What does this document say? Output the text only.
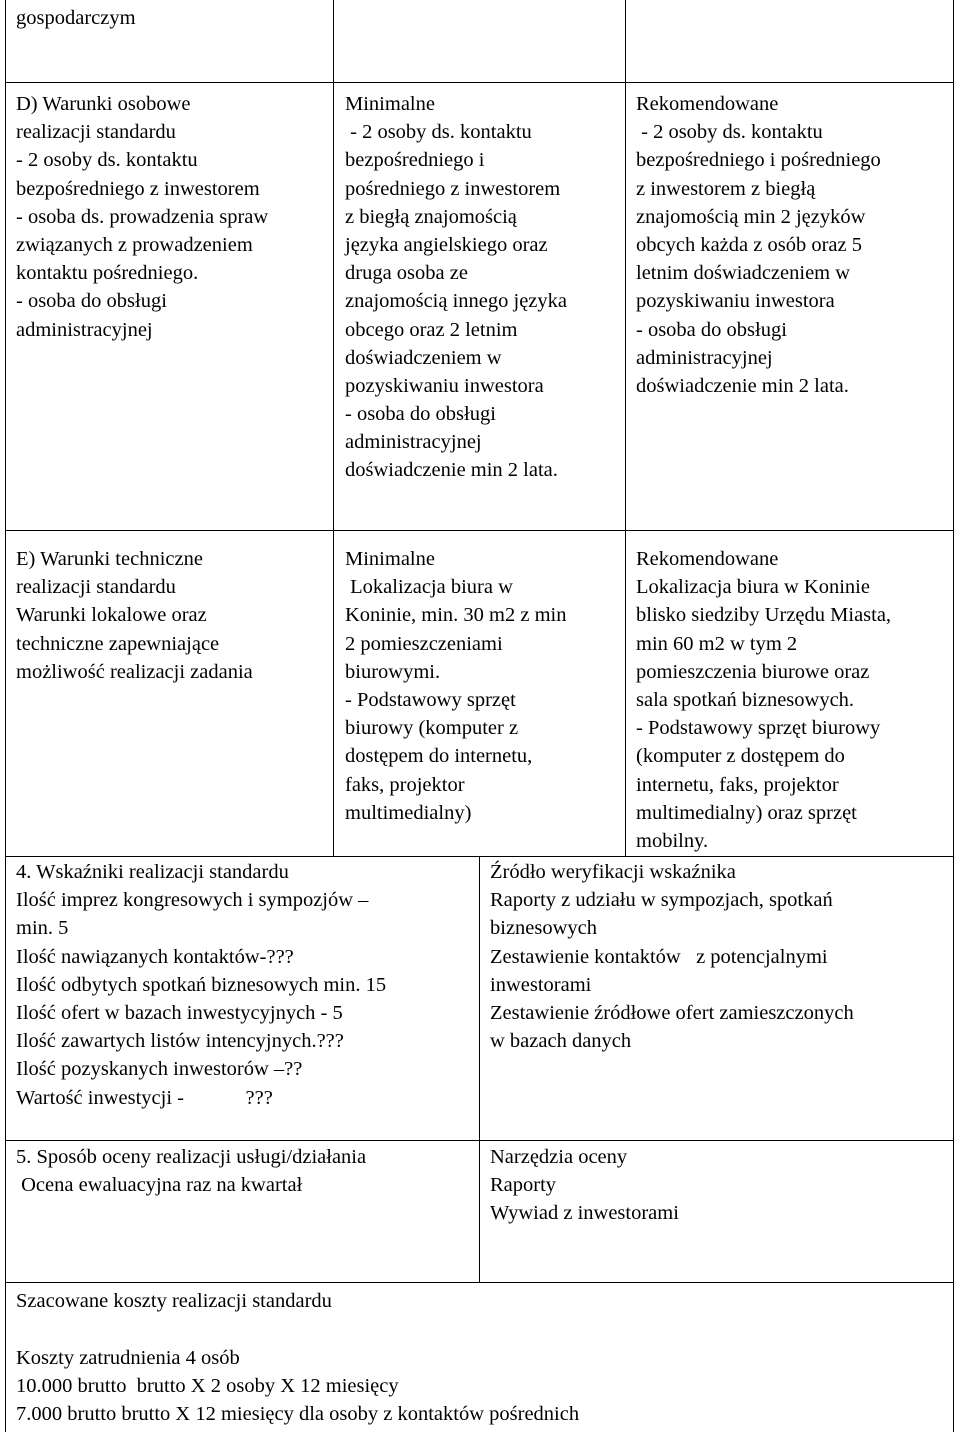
gospodarczym
D) Warunki osobowe
realizacji standardu
- 2 osoby ds. kontaktu
bezpośredniego z inwestorem
- osoba ds. prowadzenia spraw
związanych z prowadzeniem
kontaktu pośredniego.
- osoba do obsługi
administracyjnej
Minimalne
- 2 osoby ds. kontaktu
bezpośredniego i
pośredniego z inwestorem
z biegłą znajomością
języka angielskiego oraz
druga osoba ze
znajomością innego języka
obcego oraz 2 letnim
doświadczeniem w
pozyskiwaniu inwestora
- osoba do obsługi
administracyjnej
doświadczenie min 2 lata.
Rekomendowane
- 2 osoby ds. kontaktu
bezpośredniego i pośredniego
z inwestorem z biegłą
znajomością min 2 języków
obcych każda z osób oraz 5
letnim doświadczeniem w
pozyskiwaniu inwestora
- osoba do obsługi
administracyjnej
doświadczenie min 2 lata.
E) Warunki techniczne
realizacji standardu
Warunki lokalowe oraz
techniczne zapewniające
możliwość realizacji zadania
Minimalne
Lokalizacja biura w
Koninie, min. 30 m2 z min
2 pomieszczeniami
biurowymi.
- Podstawowy sprzęt
biurowy (komputer z
dostępem do internetu,
faks, projektor
multimedialny)
Rekomendowane
Lokalizacja biura w Koninie
blisko siedziby Urzędu Miasta,
min 60 m2 w tym 2
pomieszczenia biurowe oraz
sala spotkań biznesowych.
- Podstawowy sprzęt biurowy
(komputer z dostępem do
internetu, faks, projektor
multimedialny) oraz sprzęt
mobilny.
4. Wskaźniki realizacji standardu
Ilość imprez kongresowych i sympozjów –
min. 5
Ilość nawiązanych kontaktów-???
Ilość odbytych spotkań biznesowych min. 15
Ilość ofert w bazach inwestycyjnych - 5
Ilość zawartych listów intencyjnych.???
Ilość pozyskanych inwestorów –??
Wartość inwestycji -            ???
Źródło weryfikacji wskaźnika
Raporty z udziału w sympozjach, spotkań
biznesowych
Zestawienie kontaktów   z potencjalnymi
inwestorami
Zestawienie źródłowe ofert zamieszczonych
w bazach danych
5. Sposób oceny realizacji usługi/działania
Ocena ewaluacyjna raz na kwartał
Narzędzia oceny
Raporty
Wywiad z inwestorami
Szacowane koszty realizacji standardu
Koszty zatrudnienia 4 osób
10.000 brutto  brutto X 2 osoby X 12 miesięcy
7.000 brutto brutto X 12 miesięcy dla osoby z kontaktów pośrednich
